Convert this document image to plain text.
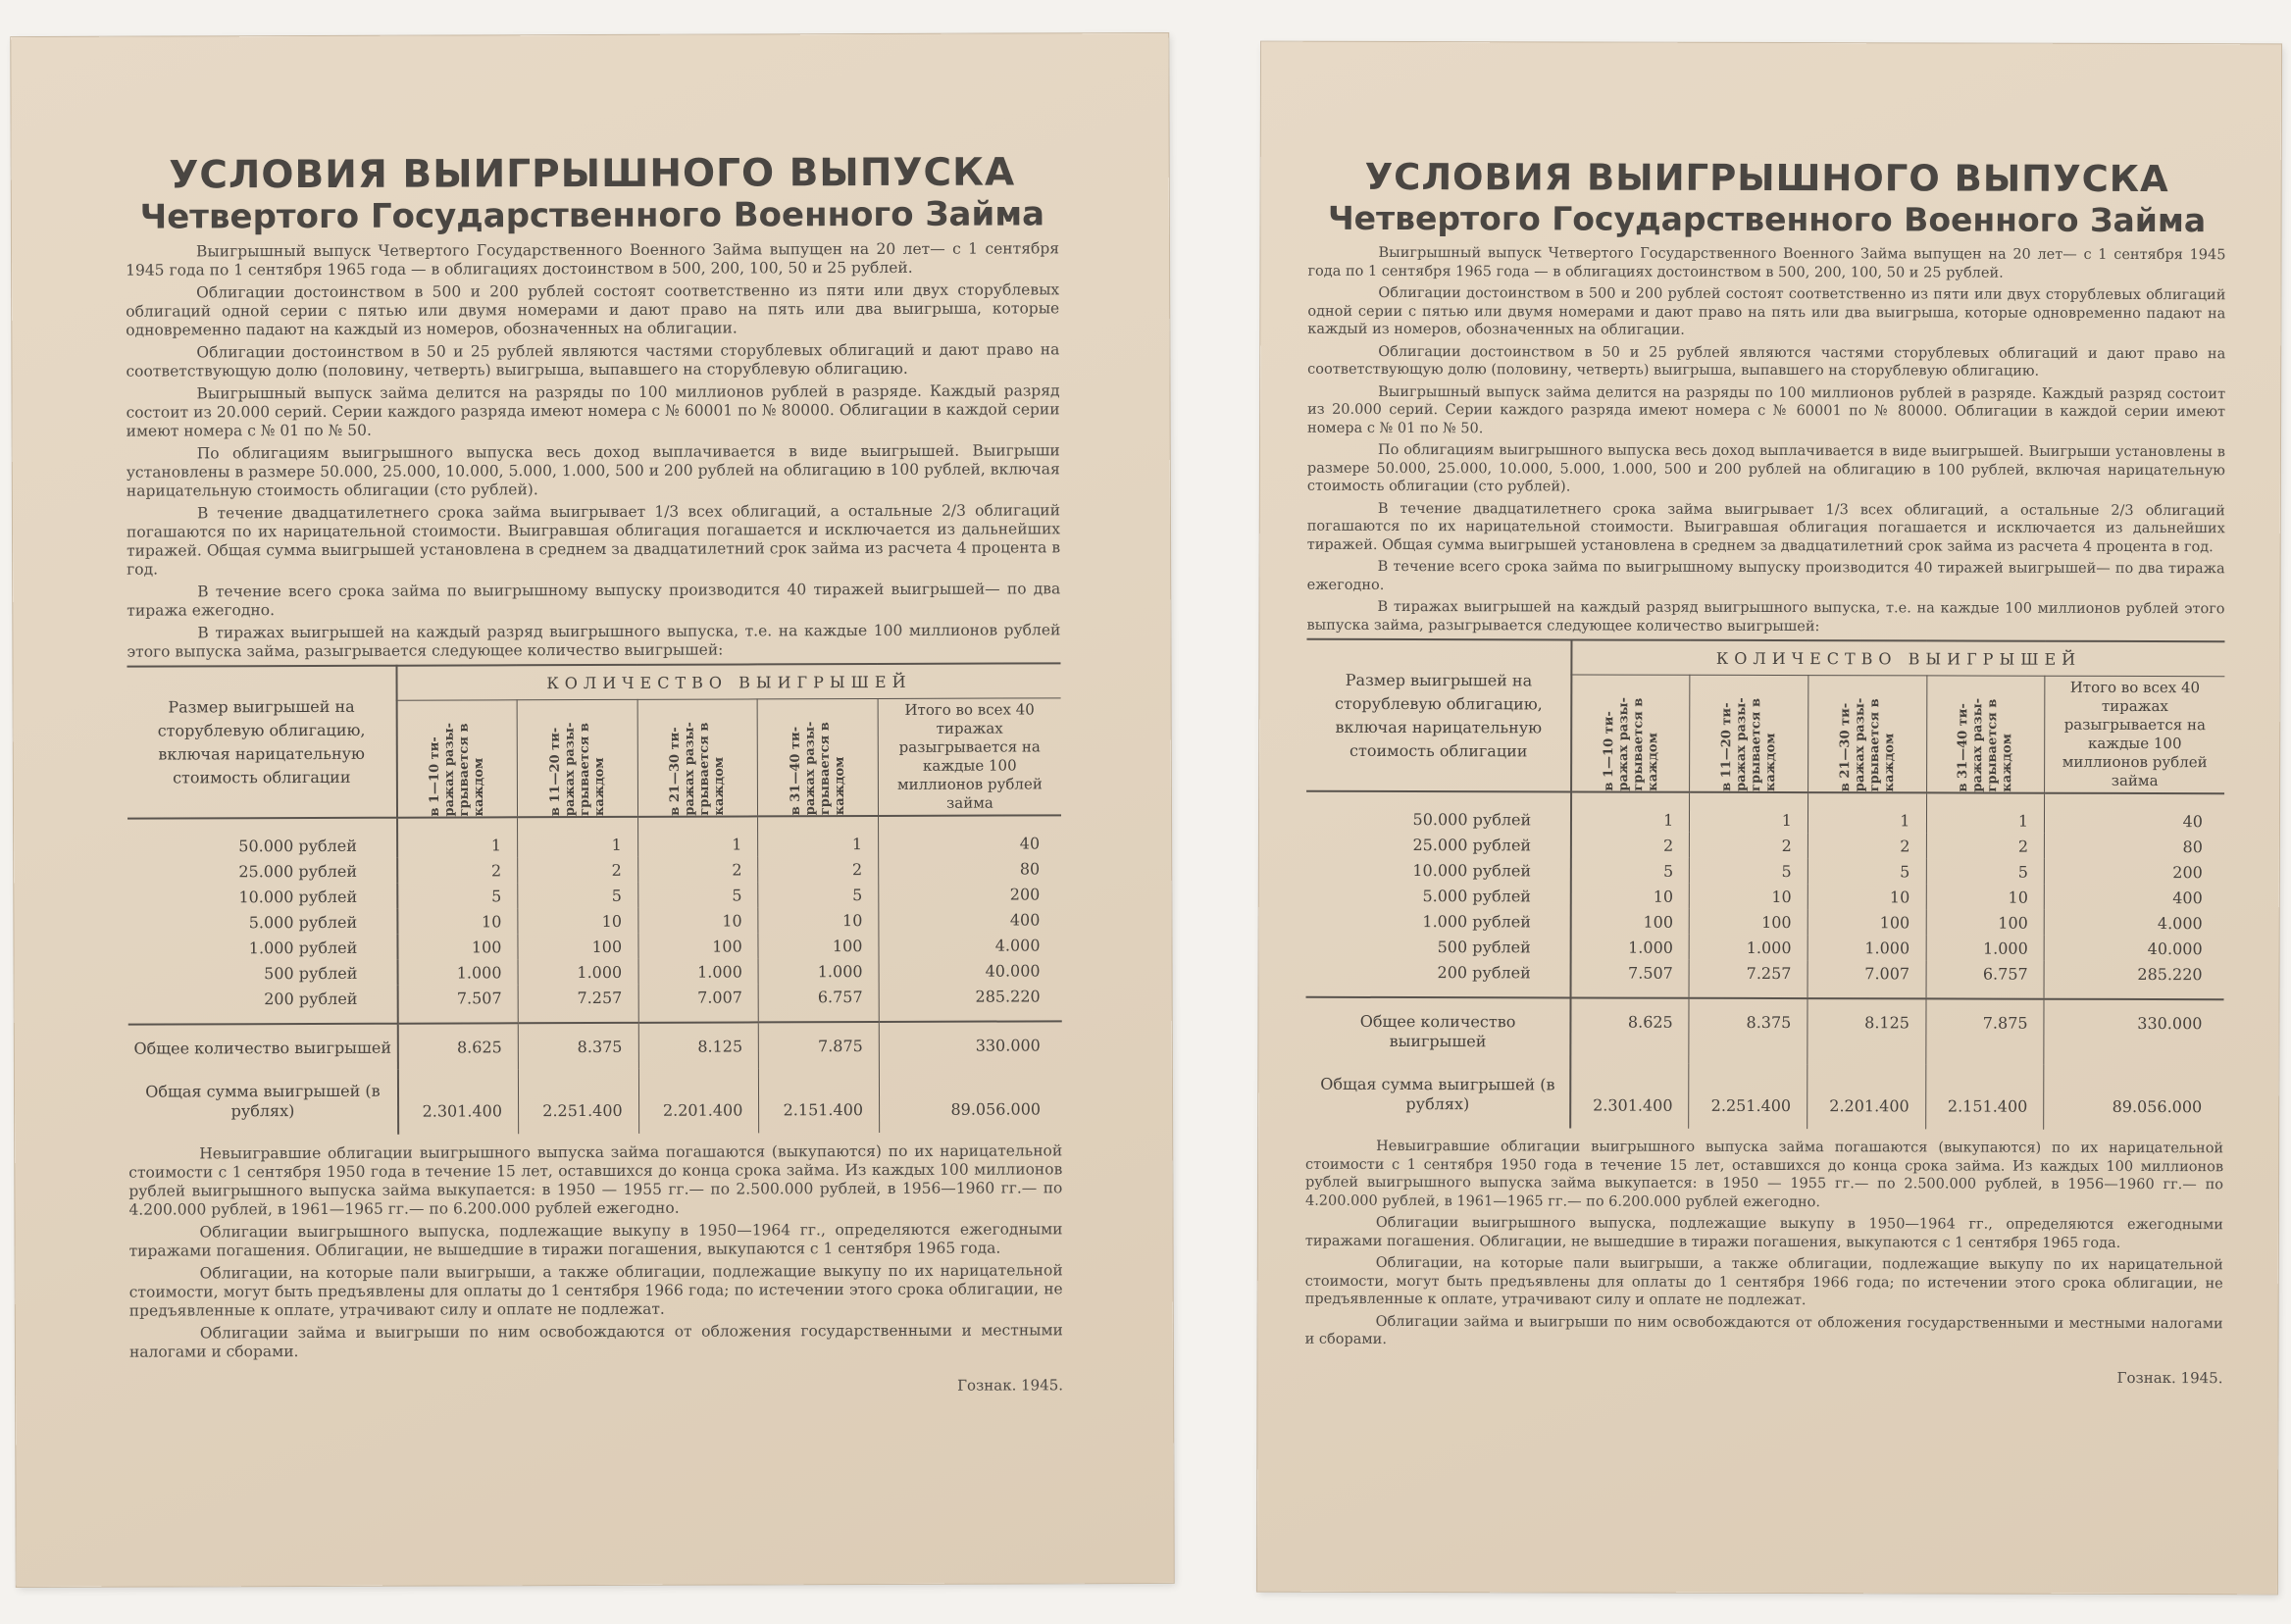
УСЛОВИЯ ВЫИГРЫШНОГО ВЫПУСКА
Четвертого Государственного Военного Займа

Выигрышный выпуск Четвертого Государственного Военного Займа выпущен на 20 лет— с 1 сентября 1945 года по 1 сентября 1965 года — в облигациях достоинством в 500, 200, 100, 50 и 25 рублей.

Облигации достоинством в 500 и 200 рублей состоят соответственно из пяти или двух сторублевых облигаций одной серии с пятью или двумя номерами и дают право на пять или два выигрыша, которые одновременно падают на каждый из номеров, обозначенных на облигации.

Облигации достоинством в 50 и 25 рублей являются частями сторублевых облигаций и дают право на соответствующую долю (половину, четверть) выигрыша, выпавшего на сторублевую облигацию.

Выигрышный выпуск займа делится на разряды по 100 миллионов рублей в разряде. Каждый разряд состоит из 20.000 серий. Серии каждого разряда имеют номера с № 60001 по № 80000. Облигации в каждой серии имеют номера с № 01 по № 50.

По облигациям выигрышного выпуска весь доход выплачивается в виде выигрышей. Выигрыши установлены в размере 50.000, 25.000, 10.000, 5.000, 1.000, 500 и 200 рублей на облигацию в 100 рублей, включая нарицательную стоимость облигации (сто рублей).

В течение двадцатилетнего срока займа выигрывает 1/3 всех облигаций, а остальные 2/3 облигаций погашаются по их нарицательной стоимости. Выигравшая облигация погашается и исключается из дальнейших тиражей. Общая сумма выигрышей установлена в среднем за двадцатилетний срок займа из расчета 4 процента в год.

В течение всего срока займа по выигрышному выпуску производится 40 тиражей выигрышей— по два тиража ежегодно.

В тиражах выигрышей на каждый разряд выигрышного выпуска, т.е. на каждые 100 миллионов рублей этого выпуска займа, разыгрывается следующее количество выигрышей:

Размер выигрышей на сторублевую облигацию, включая нарицательную стоимость облигации	КОЛИЧЕСТВО ВЫИГРЫШЕЙ				

	в 1—10 ти-ражах разы-грывается в каждом	в 11—20 ти-ражах разы-грывается в каждом	в 21—30 ти-ражах разы-грывается в каждом	в 31—40 ти-ражах разы-грывается в каждом	Итого во всех 40 тиражах разыгрывается на каждые 100 миллионов рублей займа
50.000 рублей	1	1	1	1	40
25.000 рублей	2	2	2	2	80
10.000 рублей	5	5	5	5	200
5.000 рублей	10	10	10	10	400
1.000 рублей	100	100	100	100	4.000
500 рублей	1.000	1.000	1.000	1.000	40.000
200 рублей	7.507	7.257	7.007	6.757	285.220
Общее количество выигрышей	8.625	8.375	8.125	7.875	330.000
Общая сумма выигрышей (в рублях)	2.301.400	2.251.400	2.201.400	2.151.400	89.056.000

Невыигравшие облигации выигрышного выпуска займа погашаются (выкупаются) по их нарицательной стоимости с 1 сентября 1950 года в течение 15 лет, оставшихся до конца срока займа. Из каждых 100 миллионов рублей выигрышного выпуска займа выкупается: в 1950 — 1955 гг.— по 2.500.000 рублей, в 1956—1960 гг.— по 4.200.000 рублей, в 1961—1965 гг.— по 6.200.000 рублей ежегодно.

Облигации выигрышного выпуска, подлежащие выкупу в 1950—1964 гг., определяются ежегодными тиражами погашения. Облигации, не вышедшие в тиражи погашения, выкупаются с 1 сентября 1965 года.

Облигации, на которые пали выигрыши, а также облигации, подлежащие выкупу по их нарицательной стоимости, могут быть предъявлены для оплаты до 1 сентября 1966 года; по истечении этого срока облигации, не предъявленные к оплате, утрачивают силу и оплате не подлежат.

Облигации займа и выигрыши по ним освобождаются от обложения государственными и местными налогами и сборами.

Гознак. 1945.
УСЛОВИЯ ВЫИГРЫШНОГО ВЫПУСКА
Четвертого Государственного Военного Займа

Выигрышный выпуск Четвертого Государственного Военного Займа выпущен на 20 лет— с 1 сентября 1945 года по 1 сентября 1965 года — в облигациях достоинством в 500, 200, 100, 50 и 25 рублей.

Облигации достоинством в 500 и 200 рублей состоят соответственно из пяти или двух сторублевых облигаций одной серии с пятью или двумя номерами и дают право на пять или два выигрыша, которые одновременно падают на каждый из номеров, обозначенных на облигации.

Облигации достоинством в 50 и 25 рублей являются частями сторублевых облигаций и дают право на соответствующую долю (половину, четверть) выигрыша, выпавшего на сторублевую облигацию.

Выигрышный выпуск займа делится на разряды по 100 миллионов рублей в разряде. Каждый разряд состоит из 20.000 серий. Серии каждого разряда имеют номера с № 60001 по № 80000. Облигации в каждой серии имеют номера с № 01 по № 50.

По облигациям выигрышного выпуска весь доход выплачивается в виде выигрышей. Выигрыши установлены в размере 50.000, 25.000, 10.000, 5.000, 1.000, 500 и 200 рублей на облигацию в 100 рублей, включая нарицательную стоимость облигации (сто рублей).

В течение двадцатилетнего срока займа выигрывает 1/3 всех облигаций, а остальные 2/3 облигаций погашаются по их нарицательной стоимости. Выигравшая облигация погашается и исключается из дальнейших тиражей. Общая сумма выигрышей установлена в среднем за двадцатилетний срок займа из расчета 4 процента в год.

В течение всего срока займа по выигрышному выпуску производится 40 тиражей выигрышей— по два тиража ежегодно.

В тиражах выигрышей на каждый разряд выигрышного выпуска, т.е. на каждые 100 миллионов рублей этого выпуска займа, разыгрывается следующее количество выигрышей:

Размер выигрышей на сторублевую облигацию, включая нарицательную стоимость облигации	КОЛИЧЕСТВО ВЫИГРЫШЕЙ				

	в 1—10 ти-ражах разы-грывается в каждом	в 11—20 ти-ражах разы-грывается в каждом	в 21—30 ти-ражах разы-грывается в каждом	в 31—40 ти-ражах разы-грывается в каждом	Итого во всех 40 тиражах разыгрывается на каждые 100 миллионов рублей займа
50.000 рублей	1	1	1	1	40
25.000 рублей	2	2	2	2	80
10.000 рублей	5	5	5	5	200
5.000 рублей	10	10	10	10	400
1.000 рублей	100	100	100	100	4.000
500 рублей	1.000	1.000	1.000	1.000	40.000
200 рублей	7.507	7.257	7.007	6.757	285.220
Общее количество выигрышей	8.625	8.375	8.125	7.875	330.000
Общая сумма выигрышей (в рублях)	2.301.400	2.251.400	2.201.400	2.151.400	89.056.000

Невыигравшие облигации выигрышного выпуска займа погашаются (выкупаются) по их нарицательной стоимости с 1 сентября 1950 года в течение 15 лет, оставшихся до конца срока займа. Из каждых 100 миллионов рублей выигрышного выпуска займа выкупается: в 1950 — 1955 гг.— по 2.500.000 рублей, в 1956—1960 гг.— по 4.200.000 рублей, в 1961—1965 гг.— по 6.200.000 рублей ежегодно.

Облигации выигрышного выпуска, подлежащие выкупу в 1950—1964 гг., определяются ежегодными тиражами погашения. Облигации, не вышедшие в тиражи погашения, выкупаются с 1 сентября 1965 года.

Облигации, на которые пали выигрыши, а также облигации, подлежащие выкупу по их нарицательной стоимости, могут быть предъявлены для оплаты до 1 сентября 1966 года; по истечении этого срока облигации, не предъявленные к оплате, утрачивают силу и оплате не подлежат.

Облигации займа и выигрыши по ним освобождаются от обложения государственными и местными налогами и сборами.

Гознак. 1945.
